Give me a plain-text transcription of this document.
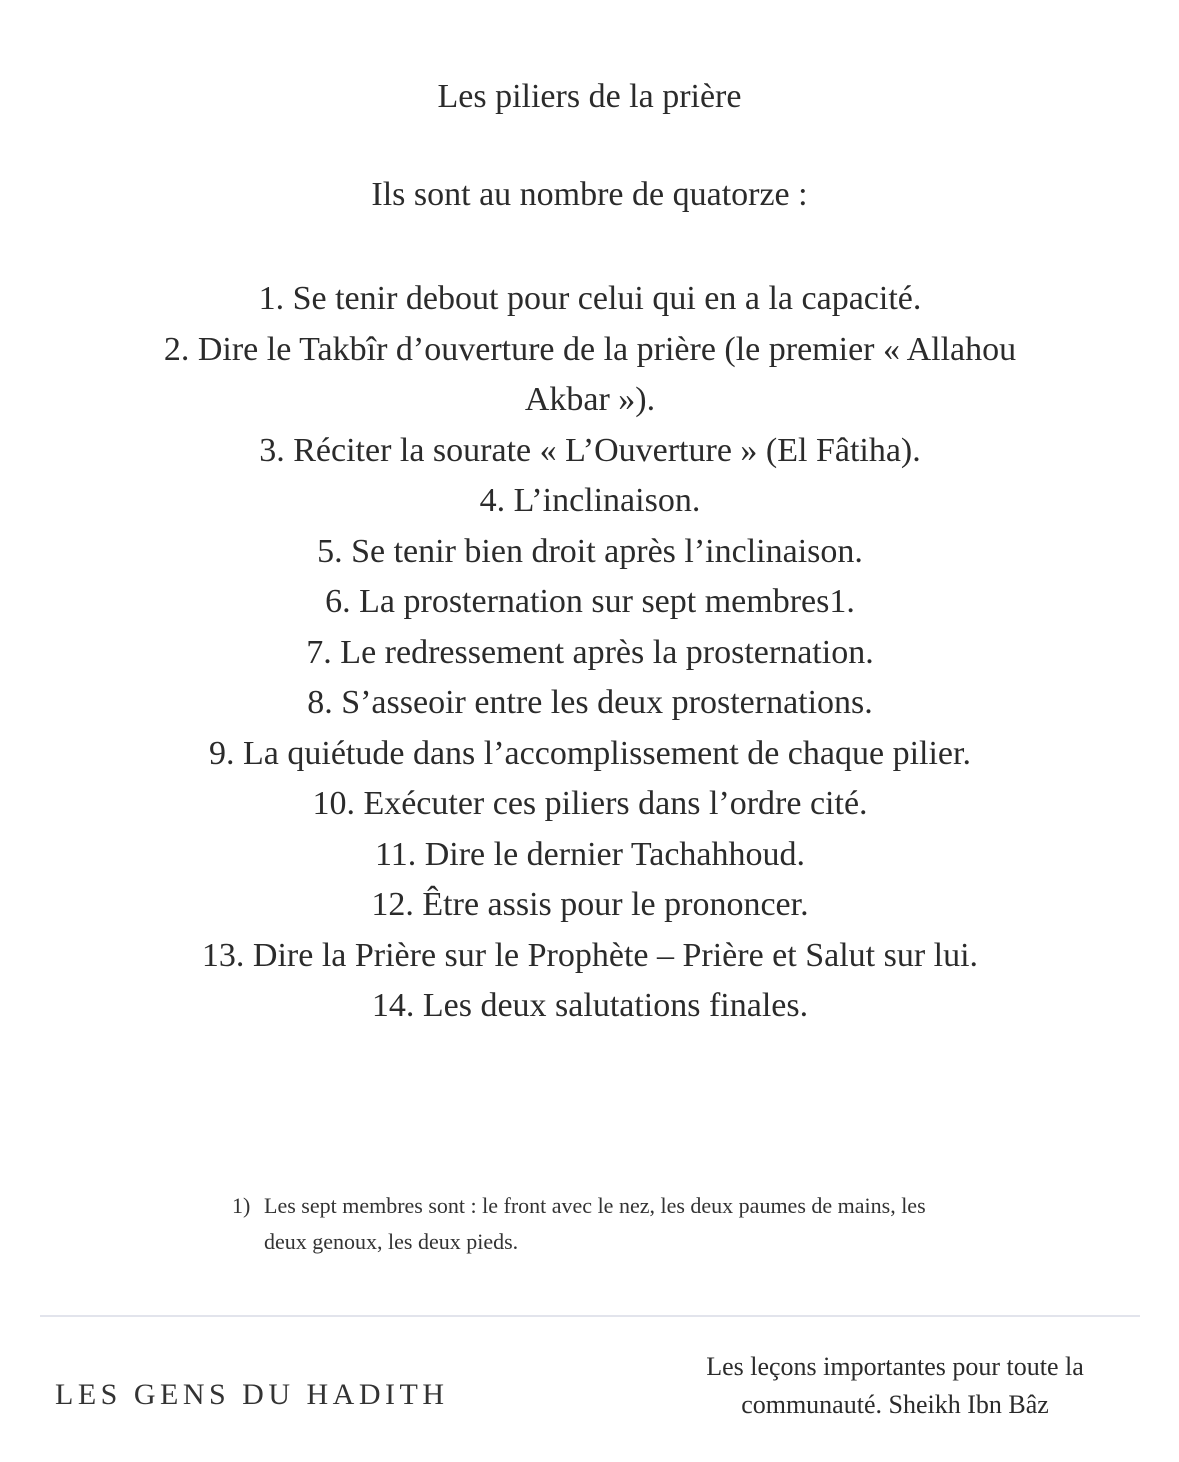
Les piliers de la prière
Ils sont au nombre de quatorze :
1. Se tenir debout pour celui qui en a la capacité.
2. Dire le Takbîr d’ouverture de la prière (le premier « Allahou Akbar »).
3. Réciter la sourate « L’Ouverture » (El Fâtiha).
4. L’inclinaison.
5. Se tenir bien droit après l’inclinaison.
6. La prosternation sur sept membres1.
7. Le redressement après la prosternation.
8. S’asseoir entre les deux prosternations.
9. La quiétude dans l’accomplissement de chaque pilier.
10. Exécuter ces piliers dans l’ordre cité.
11. Dire le dernier Tachahhoud.
12. Être assis pour le prononcer.
13. Dire la Prière sur le Prophète – Prière et Salut sur lui.
14. Les deux salutations finales.
1) Les sept membres sont : le front avec le nez, les deux paumes de mains, les deux genoux, les deux pieds.
LES GENS DU HADITH
Les leçons importantes pour toute la communauté. Sheikh Ibn Bâz
